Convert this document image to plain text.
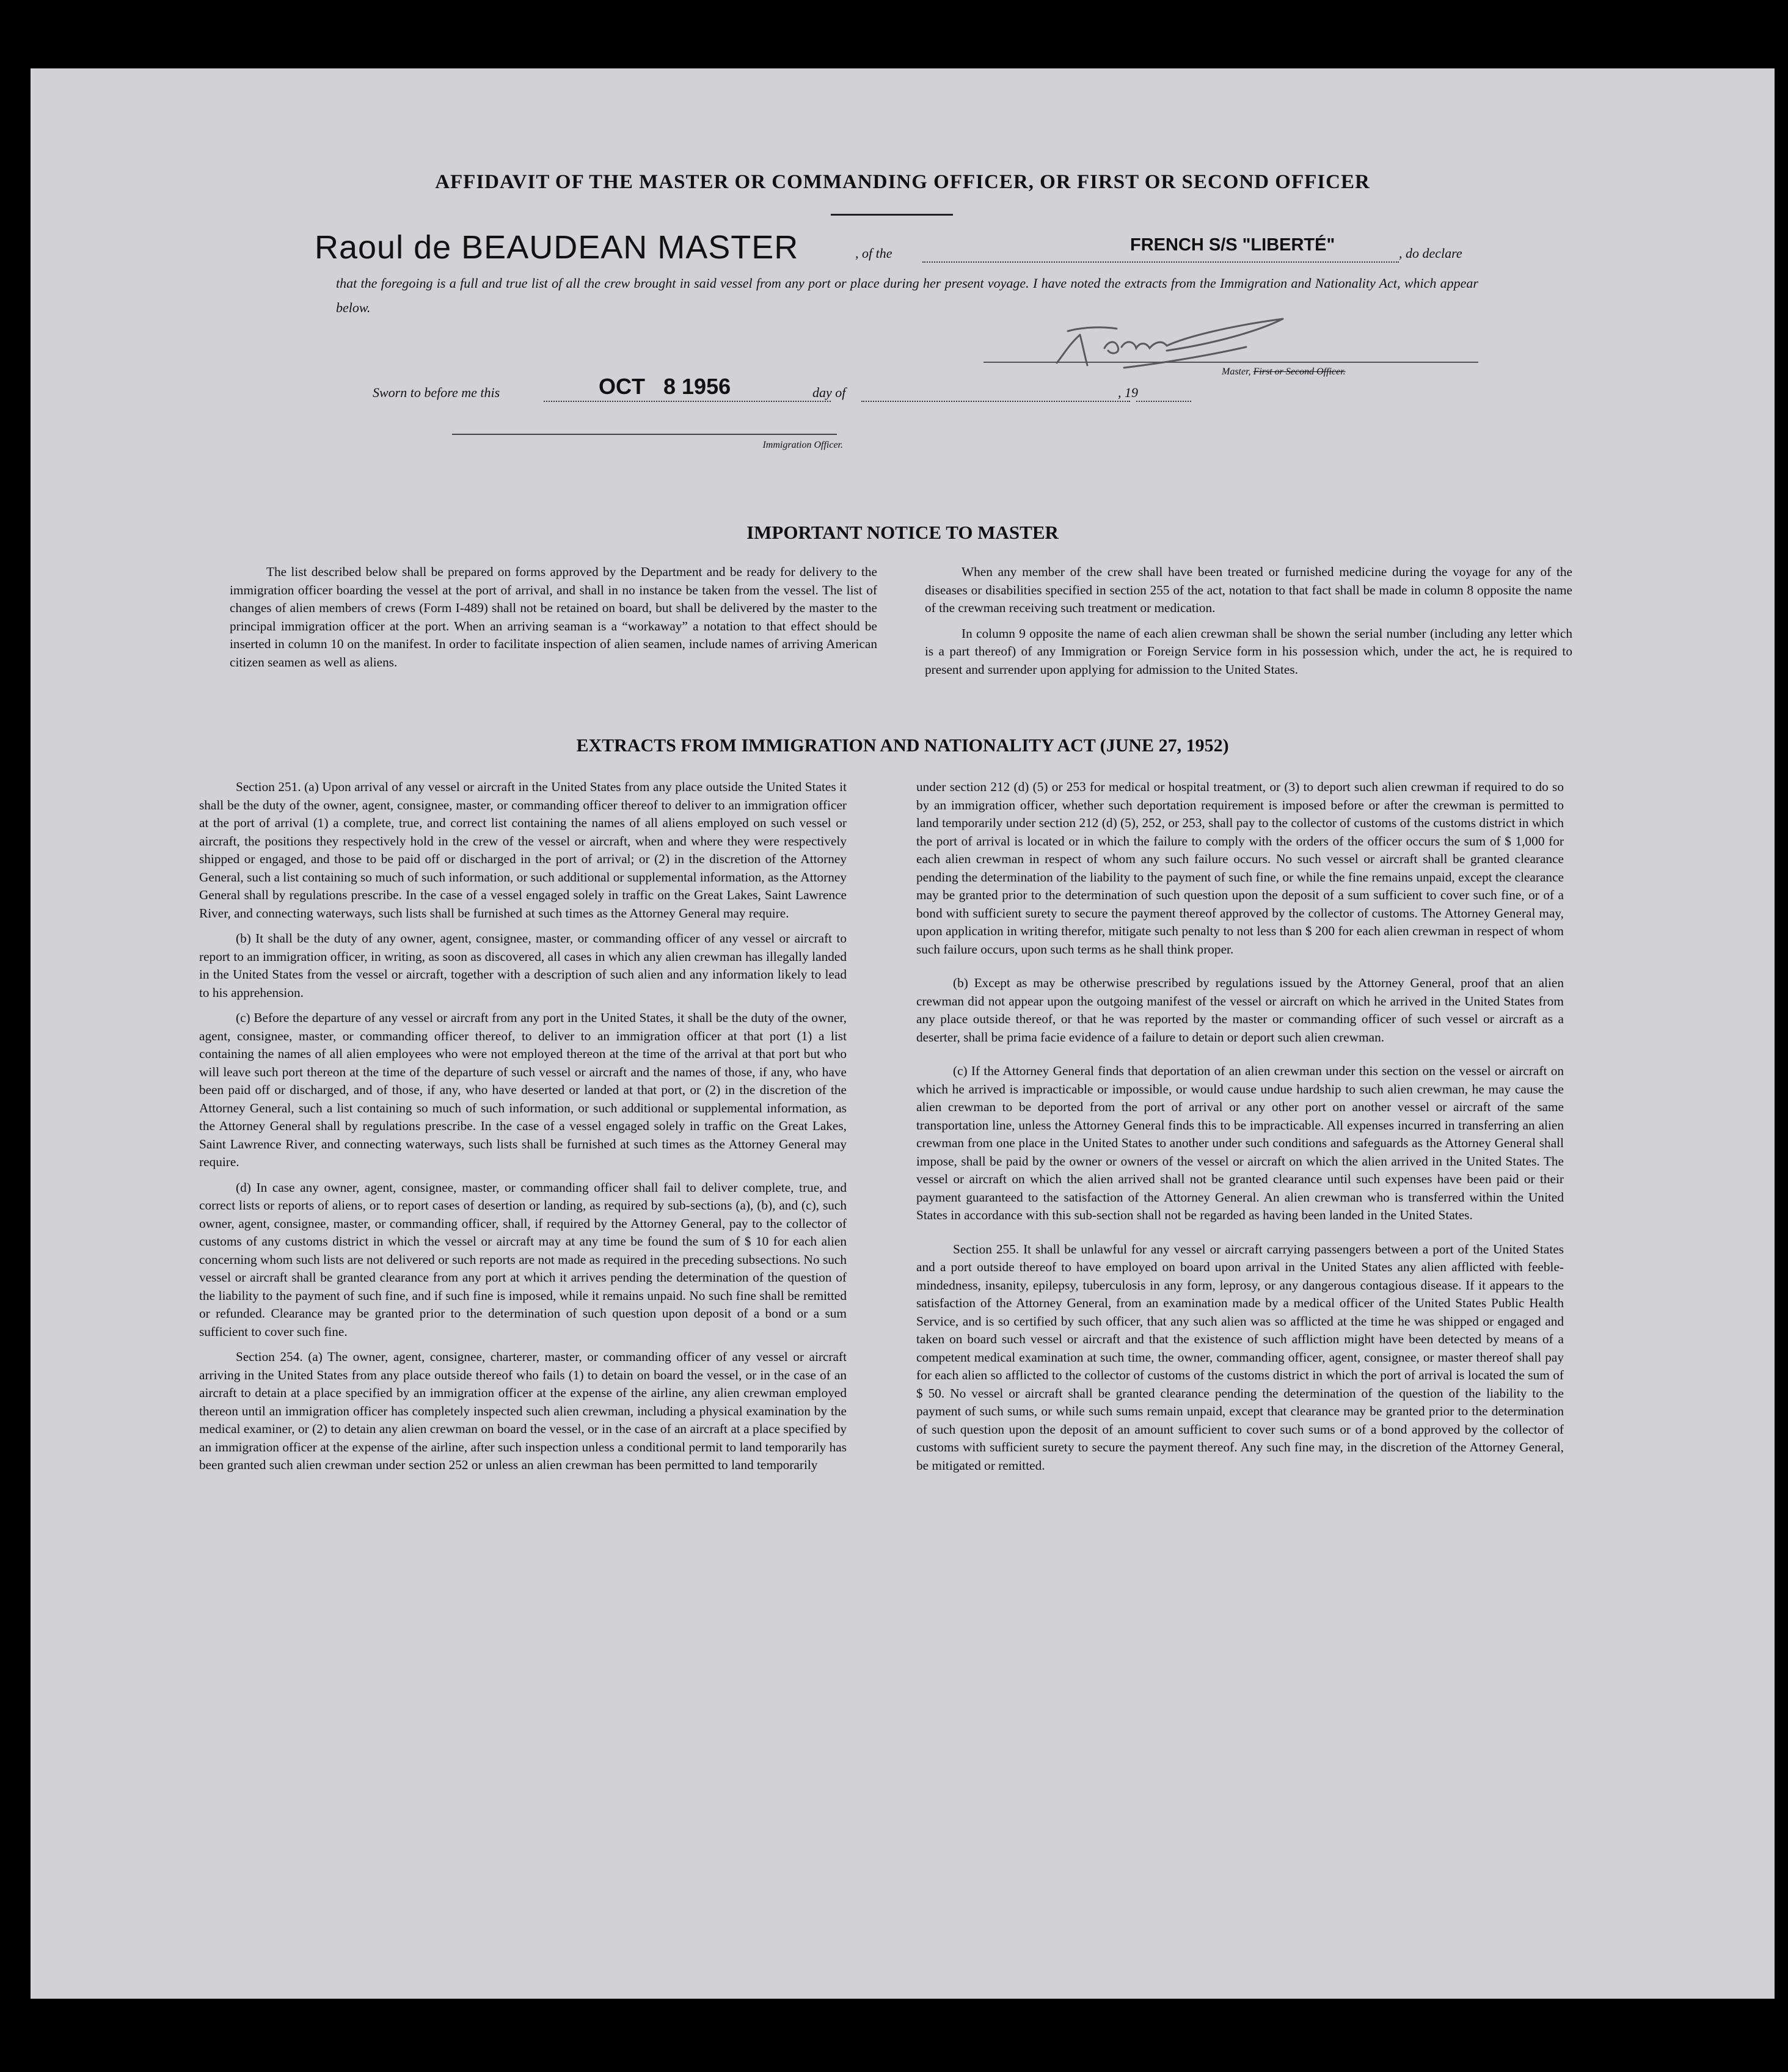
AFFIDAVIT OF THE MASTER OR COMMANDING OFFICER, OR FIRST OR SECOND OFFICER
Raoul de BEAUDEAN MASTER	, of the	FRENCH S/S "LIBERTÉ"	, do declare

that the foregoing is a full and true list of all the crew brought in said vessel from any port or place during her present voyage. I have noted the extracts from the Immigration and Nationality Act, which appear below.

Master, First or Second Officer.
Sworn to before me this	OCT   8 1956	day of	, 19
Immigration Officer.
IMPORTANT NOTICE TO MASTER

The list described below shall be prepared on forms approved by the Department and be ready for delivery to the immigration officer boarding the vessel at the port of arrival, and shall in no instance be taken from the vessel. The list of changes of alien members of crews (Form I-489) shall not be retained on board, but shall be delivered by the master to the principal immigration officer at the port. When an arriving seaman is a “workaway” a notation to that effect should be inserted in column 10 on the manifest. In order to facilitate inspection of alien seamen, include names of arriving American citizen seamen as well as aliens.

When any member of the crew shall have been treated or furnished medicine during the voyage for any of the diseases or disabilities specified in section 255 of the act, notation to that fact shall be made in column 8 opposite the name of the crewman receiving such treatment or medication.

In column 9 opposite the name of each alien crewman shall be shown the serial number (including any letter which is a part thereof) of any Immigration or Foreign Service form in his possession which, under the act, he is required to present and surrender upon applying for admission to the United States.

EXTRACTS FROM IMMIGRATION AND NATIONALITY ACT (JUNE 27, 1952)

Section 251. (a) Upon arrival of any vessel or aircraft in the United States from any place outside the United States it shall be the duty of the owner, agent, consignee, master, or commanding officer thereof to deliver to an immigration officer at the port of arrival (1) a complete, true, and correct list containing the names of all aliens employed on such vessel or aircraft, the positions they respectively hold in the crew of the vessel or aircraft, when and where they were respectively shipped or engaged, and those to be paid off or discharged in the port of arrival; or (2) in the discretion of the Attorney General, such a list containing so much of such information, or such additional or supplemental information, as the Attorney General shall by regulations prescribe. In the case of a vessel engaged solely in traffic on the Great Lakes, Saint Lawrence River, and connecting waterways, such lists shall be furnished at such times as the Attorney General may require.

(b) It shall be the duty of any owner, agent, consignee, master, or commanding officer of any vessel or aircraft to report to an immigration officer, in writing, as soon as discovered, all cases in which any alien crewman has illegally landed in the United States from the vessel or aircraft, together with a description of such alien and any information likely to lead to his apprehension.

(c) Before the departure of any vessel or aircraft from any port in the United States, it shall be the duty of the owner, agent, consignee, master, or commanding officer thereof, to deliver to an immigration officer at that port (1) a list containing the names of all alien employees who were not employed thereon at the time of the arrival at that port but who will leave such port thereon at the time of the departure of such vessel or aircraft and the names of those, if any, who have been paid off or discharged, and of those, if any, who have deserted or landed at that port, or (2) in the discretion of the Attorney General, such a list containing so much of such information, or such additional or supplemental information, as the Attorney General shall by regulations prescribe. In the case of a vessel engaged solely in traffic on the Great Lakes, Saint Lawrence River, and connecting waterways, such lists shall be furnished at such times as the Attorney General may require.

(d) In case any owner, agent, consignee, master, or commanding officer shall fail to deliver complete, true, and correct lists or reports of aliens, or to report cases of desertion or landing, as required by sub-sections (a), (b), and (c), such owner, agent, consignee, master, or commanding officer, shall, if required by the Attorney General, pay to the collector of customs of any customs district in which the vessel or aircraft may at any time be found the sum of $ 10 for each alien concerning whom such lists are not delivered or such reports are not made as required in the preceding subsections. No such vessel or aircraft shall be granted clearance from any port at which it arrives pending the determination of the question of the liability to the payment of such fine, and if such fine is imposed, while it remains unpaid. No such fine shall be remitted or refunded. Clearance may be granted prior to the determination of such question upon deposit of a bond or a sum sufficient to cover such fine.

Section 254. (a) The owner, agent, consignee, charterer, master, or commanding officer of any vessel or aircraft arriving in the United States from any place outside thereof who fails (1) to detain on board the vessel, or in the case of an aircraft to detain at a place specified by an immigration officer at the expense of the airline, any alien crewman employed thereon until an immigration officer has completely inspected such alien crewman, including a physical examination by the medical examiner, or (2) to detain any alien crewman on board the vessel, or in the case of an aircraft at a place specified by an immigration officer at the expense of the airline, after such inspection unless a conditional permit to land temporarily has been granted such alien crewman under section 252 or unless an alien crewman has been permitted to land temporarily

under section 212 (d) (5) or 253 for medical or hospital treatment, or (3) to deport such alien crewman if required to do so by an immigration officer, whether such deportation requirement is imposed before or after the crewman is permitted to land temporarily under section 212 (d) (5), 252, or 253, shall pay to the collector of customs of the customs district in which the port of arrival is located or in which the failure to comply with the orders of the officer occurs the sum of $ 1,000 for each alien crewman in respect of whom any such failure occurs. No such vessel or aircraft shall be granted clearance pending the determination of the liability to the payment of such fine, or while the fine remains unpaid, except the clearance may be granted prior to the determination of such question upon the deposit of a sum sufficient to cover such fine, or of a bond with sufficient surety to secure the payment thereof approved by the collector of customs. The Attorney General may, upon application in writing therefor, mitigate such penalty to not less than $ 200 for each alien crewman in respect of whom such failure occurs, upon such terms as he shall think proper.

(b) Except as may be otherwise prescribed by regulations issued by the Attorney General, proof that an alien crewman did not appear upon the outgoing manifest of the vessel or aircraft on which he arrived in the United States from any place outside thereof, or that he was reported by the master or commanding officer of such vessel or aircraft as a deserter, shall be prima facie evidence of a failure to detain or deport such alien crewman.

(c) If the Attorney General finds that deportation of an alien crewman under this section on the vessel or aircraft on which he arrived is impracticable or impossible, or would cause undue hardship to such alien crewman, he may cause the alien crewman to be deported from the port of arrival or any other port on another vessel or aircraft of the same transportation line, unless the Attorney General finds this to be impracticable. All expenses incurred in transferring an alien crewman from one place in the United States to another under such conditions and safeguards as the Attorney General shall impose, shall be paid by the owner or owners of the vessel or aircraft on which the alien arrived in the United States. The vessel or aircraft on which the alien arrived shall not be granted clearance until such expenses have been paid or their payment guaranteed to the satisfaction of the Attorney General. An alien crewman who is transferred within the United States in accordance with this sub-section shall not be regarded as having been landed in the United States.

Section 255. It shall be unlawful for any vessel or aircraft carrying passengers between a port of the United States and a port outside thereof to have employed on board upon arrival in the United States any alien afflicted with feeble-mindedness, insanity, epilepsy, tuberculosis in any form, leprosy, or any dangerous contagious disease. If it appears to the satisfaction of the Attorney General, from an examination made by a medical officer of the United States Public Health Service, and is so certified by such officer, that any such alien was so afflicted at the time he was shipped or engaged and taken on board such vessel or aircraft and that the existence of such affliction might have been detected by means of a competent medical examination at such time, the owner, commanding officer, agent, consignee, or master thereof shall pay for each alien so afflicted to the collector of customs of the customs district in which the port of arrival is located the sum of $ 50. No vessel or aircraft shall be granted clearance pending the determination of the question of the liability to the payment of such sums, or while such sums remain unpaid, except that clearance may be granted prior to the determination of such question upon the deposit of an amount sufficient to cover such sums or of a bond approved by the collector of customs with sufficient surety to secure the payment thereof. Any such fine may, in the discretion of the Attorney General, be mitigated or remitted.
